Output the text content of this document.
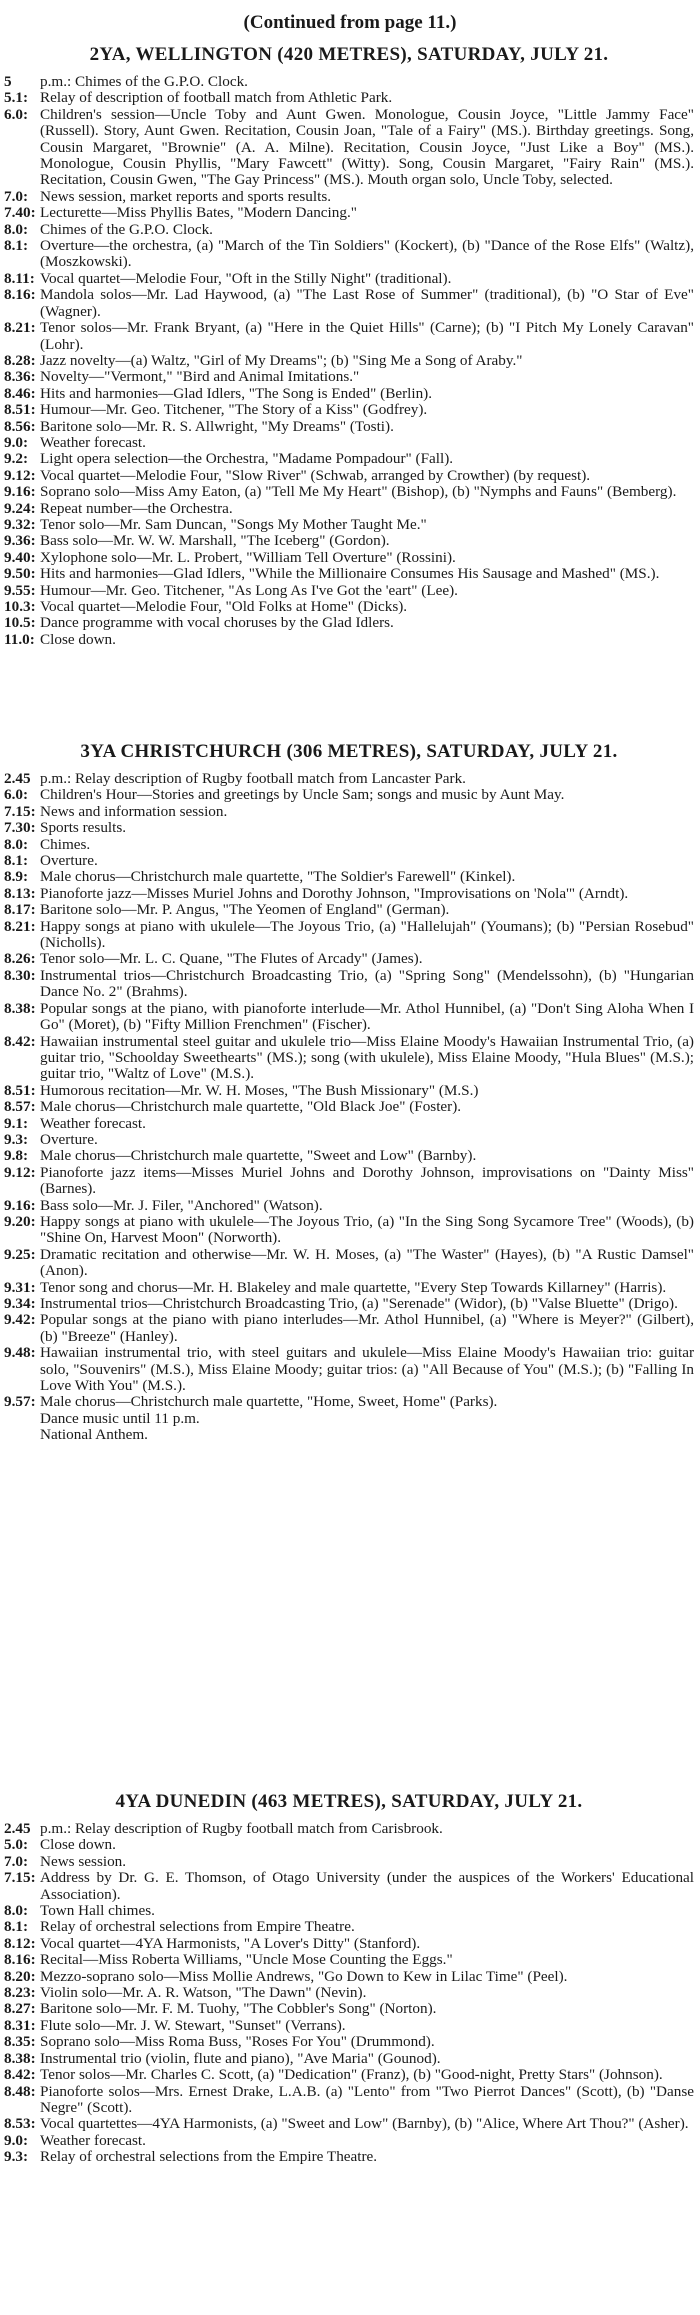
(Continued from page 11.)
2YA, WELLINGTON (420 METRES), SATURDAY, JULY 21.
5 p.m.: Chimes of the G.P.O. Clock.
5.1: Relay of description of football match from Athletic Park.
6.0: Children's session—Uncle Toby and Aunt Gwen. Monologue, Cousin Joyce, "Little Jammy Face" (Russell). Story, Aunt Gwen. Recitation, Cousin Joan, "Tale of a Fairy" (MS.). Birthday greetings. Song, Cousin Margaret, "Brownie" (A. A. Milne). Recitation, Cousin Joyce, "Just Like a Boy" (MS.). Monologue, Cousin Phyllis, "Mary Fawcett" (Witty). Song, Cousin Margaret, "Fairy Rain" (MS.). Recitation, Cousin Gwen, "The Gay Princess" (MS.). Mouth organ solo, Uncle Toby, selected.
7.0: News session, market reports and sports results.
7.40: Lecturette—Miss Phyllis Bates, "Modern Dancing."
8.0: Chimes of the G.P.O. Clock.
8.1: Overture—the orchestra, (a) "March of the Tin Soldiers" (Kockert), (b) "Dance of the Rose Elfs" (Waltz), (Moszkowski).
8.11: Vocal quartet—Melodie Four, "Oft in the Stilly Night" (traditional).
8.16: Mandola solos—Mr. Lad Haywood, (a) "The Last Rose of Summer" (traditional), (b) "O Star of Eve" (Wagner).
8.21: Tenor solos—Mr. Frank Bryant, (a) "Here in the Quiet Hills" (Carne); (b) "I Pitch My Lonely Caravan" (Lohr).
8.28: Jazz novelty—(a) Waltz, "Girl of My Dreams"; (b) "Sing Me a Song of Araby."
8.36: Novelty—"Vermont," "Bird and Animal Imitations."
8.46: Hits and harmonies—Glad Idlers, "The Song is Ended" (Berlin).
8.51: Humour—Mr. Geo. Titchener, "The Story of a Kiss" (Godfrey).
8.56: Baritone solo—Mr. R. S. Allwright, "My Dreams" (Tosti).
9.0: Weather forecast.
9.2: Light opera selection—the Orchestra, "Madame Pompadour" (Fall).
9.12: Vocal quartet—Melodie Four, "Slow River" (Schwab, arranged by Crowther) (by request).
9.16: Soprano solo—Miss Amy Eaton, (a) "Tell Me My Heart" (Bishop), (b) "Nymphs and Fauns" (Bemberg).
9.24: Repeat number—the Orchestra.
9.32: Tenor solo—Mr. Sam Duncan, "Songs My Mother Taught Me."
9.36: Bass solo—Mr. W. W. Marshall, "The Iceberg" (Gordon).
9.40: Xylophone solo—Mr. L. Probert, "William Tell Overture" (Rossini).
9.50: Hits and harmonies—Glad Idlers, "While the Millionaire Consumes His Sausage and Mashed" (MS.).
9.55: Humour—Mr. Geo. Titchener, "As Long As I've Got the 'eart" (Lee).
10.3: Vocal quartet—Melodie Four, "Old Folks at Home" (Dicks).
10.5: Dance programme with vocal choruses by the Glad Idlers.
11.0: Close down.
3YA CHRISTCHURCH (306 METRES), SATURDAY, JULY 21.
2.45 p.m.: Relay description of Rugby football match from Lancaster Park.
6.0: Children's Hour—Stories and greetings by Uncle Sam; songs and music by Aunt May.
7.15: News and information session.
7.30: Sports results.
8.0: Chimes.
8.1: Overture.
8.9: Male chorus—Christchurch male quartette, "The Soldier's Farewell" (Kinkel).
8.13: Pianoforte jazz—Misses Muriel Johns and Dorothy Johnson, "Improvisations on 'Nola'" (Arndt).
8.17: Baritone solo—Mr. P. Angus, "The Yeomen of England" (German).
8.21: Happy songs at piano with ukulele—The Joyous Trio, (a) "Hallelujah" (Youmans); (b) "Persian Rosebud" (Nicholls).
8.26: Tenor solo—Mr. L. C. Quane, "The Flutes of Arcady" (James).
8.30: Instrumental trios—Christchurch Broadcasting Trio, (a) "Spring Song" (Mendelssohn), (b) "Hungarian Dance No. 2" (Brahms).
8.38: Popular songs at the piano, with pianoforte interlude—Mr. Athol Hunnibel, (a) "Don't Sing Aloha When I Go" (Moret), (b) "Fifty Million Frenchmen" (Fischer).
8.42: Hawaiian instrumental steel guitar and ukulele trio—Miss Elaine Moody's Hawaiian Instrumental Trio, (a) guitar trio, "Schoolday Sweethearts" (MS.); song (with ukulele), Miss Elaine Moody, "Hula Blues" (M.S.); guitar trio, "Waltz of Love" (M.S.).
8.51: Humorous recitation—Mr. W. H. Moses, "The Bush Missionary" (M.S.)
8.57: Male chorus—Christchurch male quartette, "Old Black Joe" (Foster).
9.1: Weather forecast.
9.3: Overture.
9.8: Male chorus—Christchurch male quartette, "Sweet and Low" (Barnby).
9.12: Pianoforte jazz items—Misses Muriel Johns and Dorothy Johnson, improvisations on "Dainty Miss" (Barnes).
9.16: Bass solo—Mr. J. Filer, "Anchored" (Watson).
9.20: Happy songs at piano with ukulele—The Joyous Trio, (a) "In the Sing Song Sycamore Tree" (Woods), (b) "Shine On, Harvest Moon" (Norworth).
9.25: Dramatic recitation and otherwise—Mr. W. H. Moses, (a) "The Waster" (Hayes), (b) "A Rustic Damsel" (Anon).
9.31: Tenor song and chorus—Mr. H. Blakeley and male quartette, "Every Step Towards Killarney" (Harris).
9.34: Instrumental trios—Christchurch Broadcasting Trio, (a) "Serenade" (Widor), (b) "Valse Bluette" (Drigo).
9.42: Popular songs at the piano with piano interludes—Mr. Athol Hunnibel, (a) "Where is Meyer?" (Gilbert), (b) "Breeze" (Hanley).
9.48: Hawaiian instrumental trio, with steel guitars and ukulele—Miss Elaine Moody's Hawaiian trio: guitar solo, "Souvenirs" (M.S.), Miss Elaine Moody; guitar trios: (a) "All Because of You" (M.S.); (b) "Falling In Love With You" (M.S.).
9.57: Male chorus—Christchurch male quartette, "Home, Sweet, Home" (Parks).
Dance music until 11 p.m.
National Anthem.
4YA DUNEDIN (463 METRES), SATURDAY, JULY 21.
2.45 p.m.: Relay description of Rugby football match from Carisbrook.
5.0: Close down.
7.0: News session.
7.15: Address by Dr. G. E. Thomson, of Otago University (under the auspices of the Workers' Educational Association).
8.0: Town Hall chimes.
8.1: Relay of orchestral selections from Empire Theatre.
8.12: Vocal quartet—4YA Harmonists, "A Lover's Ditty" (Stanford).
8.16: Recital—Miss Roberta Williams, "Uncle Mose Counting the Eggs."
8.20: Mezzo-soprano solo—Miss Mollie Andrews, "Go Down to Kew in Lilac Time" (Peel).
8.23: Violin solo—Mr. A. R. Watson, "The Dawn" (Nevin).
8.27: Baritone solo—Mr. F. M. Tuohy, "The Cobbler's Song" (Norton).
8.31: Flute solo—Mr. J. W. Stewart, "Sunset" (Verrans).
8.35: Soprano solo—Miss Roma Buss, "Roses For You" (Drummond).
8.38: Instrumental trio (violin, flute and piano), "Ave Maria" (Gounod).
8.42: Tenor solos—Mr. Charles C. Scott, (a) "Dedication" (Franz), (b) "Good-night, Pretty Stars" (Johnson).
8.48: Pianoforte solos—Mrs. Ernest Drake, L.A.B. (a) "Lento" from "Two Pierrot Dances" (Scott), (b) "Danse Negre" (Scott).
8.53: Vocal quartettes—4YA Harmonists, (a) "Sweet and Low" (Barnby), (b) "Alice, Where Art Thou?" (Asher).
9.0: Weather forecast.
9.3: Relay of orchestral selections from the Empire Theatre.
